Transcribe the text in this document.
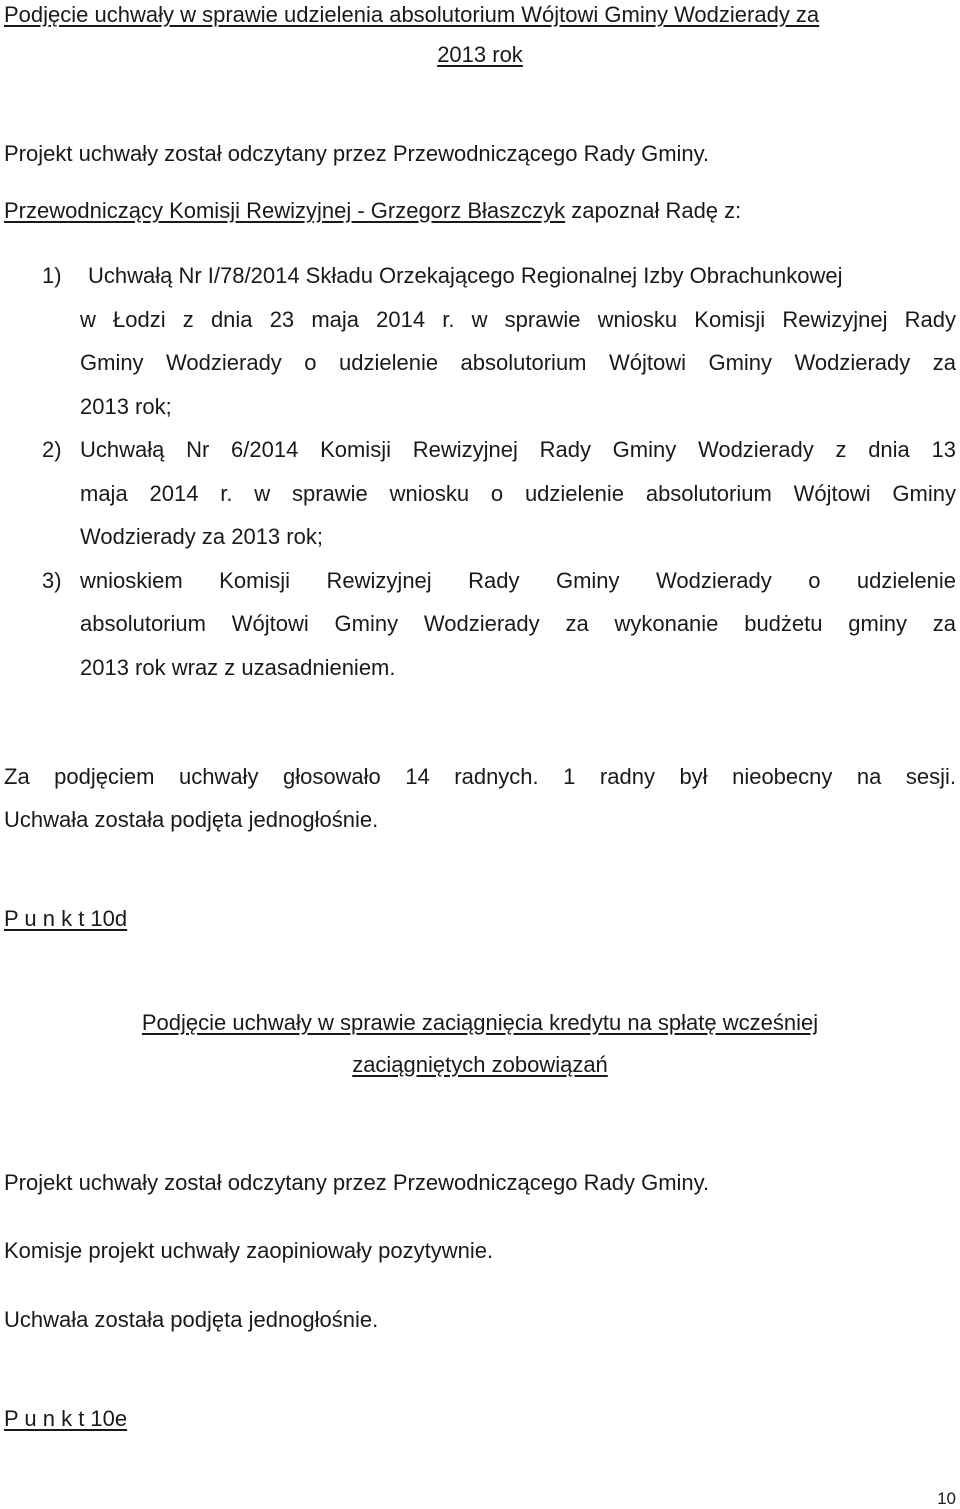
Podjęcie uchwały w sprawie udzielenia absolutorium Wójtowi Gminy Wodzierady za
2013 rok
Projekt uchwały został odczytany przez Przewodniczącego Rady Gminy.
Przewodniczący Komisji Rewizyjnej - Grzegorz Błaszczyk zapoznał Radę z:
1) Uchwałą Nr I/78/2014 Składu Orzekającego Regionalnej Izby Obrachunkowej
w Łodzi z dnia 23 maja 2014 r. w sprawie wniosku Komisji Rewizyjnej Rady
Gminy Wodzierady o udzielenie absolutorium Wójtowi Gminy Wodzierady za
2013 rok;
2) Uchwałą Nr 6/2014 Komisji Rewizyjnej Rady Gminy Wodzierady z dnia 13
maja 2014 r. w sprawie wniosku o udzielenie absolutorium Wójtowi Gminy
Wodzierady za 2013 rok;
3) wnioskiem Komisji Rewizyjnej Rady Gminy Wodzierady o udzielenie
absolutorium Wójtowi Gminy Wodzierady za wykonanie budżetu gminy za
2013 rok wraz z uzasadnieniem.
Za podjęciem uchwały głosowało 14 radnych. 1 radny był nieobecny na sesji.
Uchwała została podjęta jednogłośnie.
P u n k t 10d
Podjęcie uchwały w sprawie zaciągnięcia kredytu na spłatę wcześniej
zaciągniętych zobowiązań
Projekt uchwały został odczytany przez Przewodniczącego Rady Gminy.
Komisje projekt uchwały zaopiniowały pozytywnie.
Uchwała została podjęta jednogłośnie.
P u n k t 10e
10
